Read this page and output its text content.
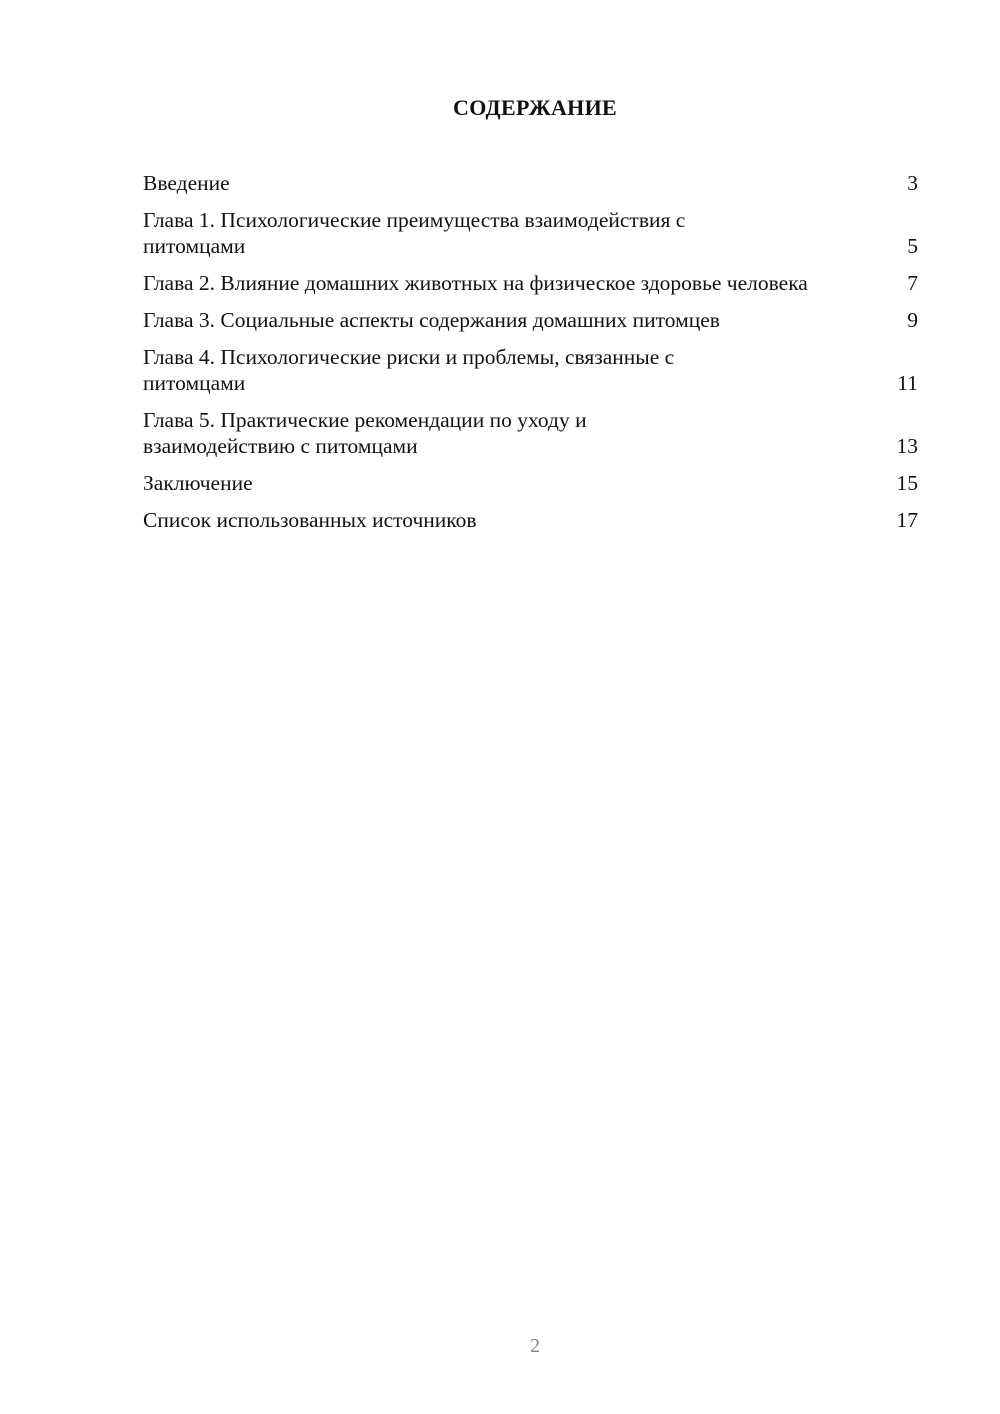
СОДЕРЖАНИЕ
Введение	3
Глава 1. Психологические преимущества взаимодействия с питомцами	5
Глава 2. Влияние домашних животных на физическое здоровье человека	7
Глава 3. Социальные аспекты содержания домашних питомцев	9
Глава 4. Психологические риски и проблемы, связанные с питомцами	11
Глава 5. Практические рекомендации по уходу и взаимодействию с питомцами	13
Заключение	15
Список использованных источников	17
2
